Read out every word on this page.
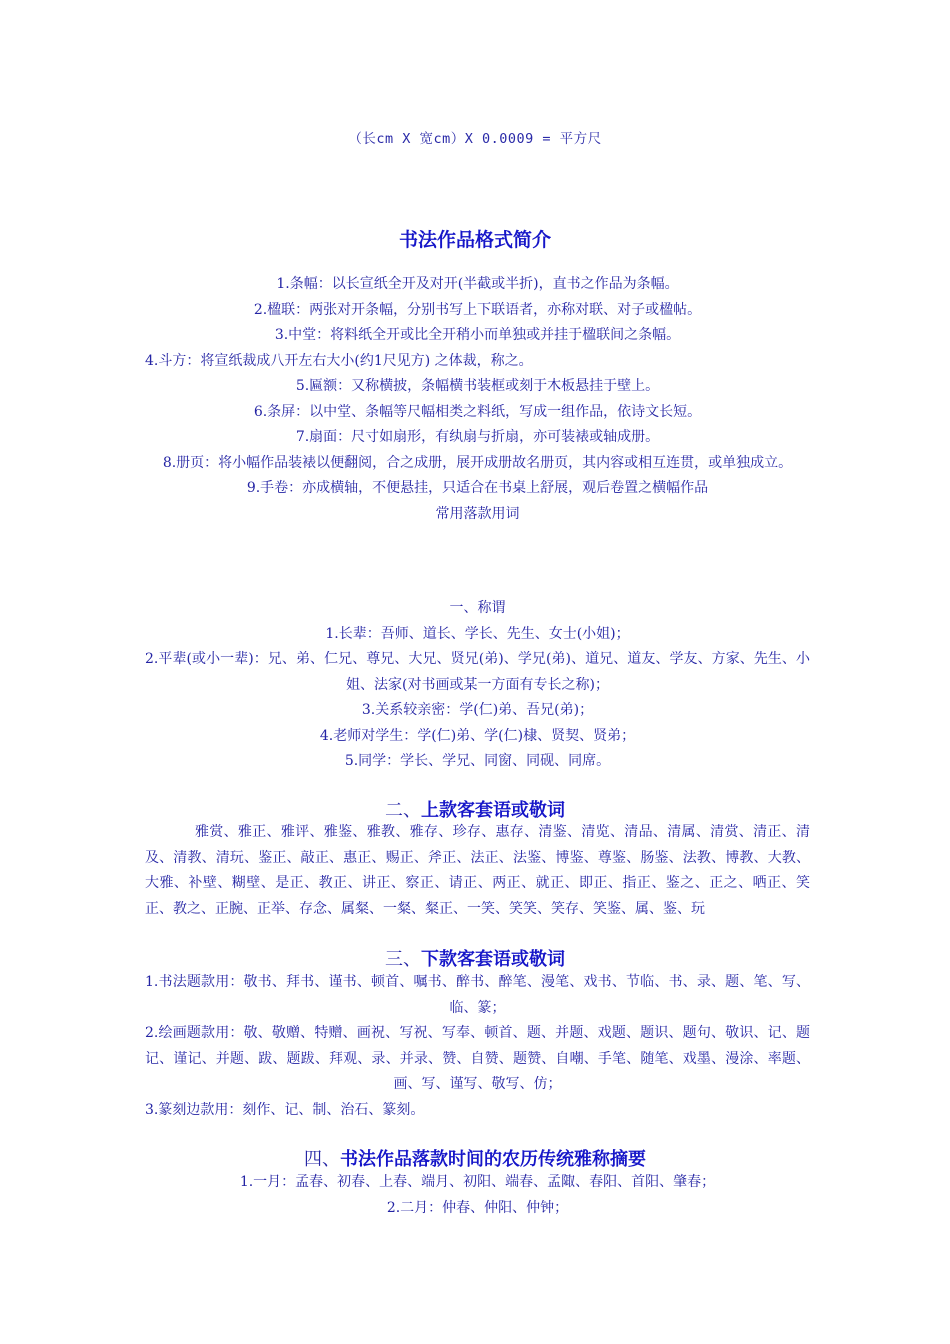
（长cm X 宽cm）X 0.0009 = 平方尺
书法作品格式简介
1.条幅：以长宣纸全开及对开(半截或半折)，直书之作品为条幅。
2.楹联：两张对开条幅，分别书写上下联语者，亦称对联、对子或楹帖。
3.中堂：将料纸全开或比全开稍小而单独或并挂于楹联间之条幅。
4.斗方：将宣纸裁成八开左右大小(约1尺见方) 之体裁，称之。
5.匾额：又称横披，条幅横书装框或刻于木板悬挂于壁上。
6.条屏：以中堂、条幅等尺幅相类之料纸，写成一组作品，依诗文长短。
7.扇面：尺寸如扇形，有纨扇与折扇，亦可装裱或轴成册。
8.册页：将小幅作品装裱以便翻阅，合之成册，展开成册故名册页，其内容或相互连贯，或单独成立。
9.手卷：亦成横轴，不便悬挂，只适合在书桌上舒展，观后卷置之横幅作品
常用落款用词
一、称谓
1.长辈：吾师、道长、学长、先生、女士(小姐)；
2.平辈(或小一辈)：兄、弟、仁兄、尊兄、大兄、贤兄(弟)、学兄(弟)、道兄、道友、学友、方家、先生、小姐、法家(对书画或某一方面有专长之称)；
3.关系较亲密：学(仁)弟、吾兄(弟)；
4.老师对学生：学(仁)弟、学(仁)棣、贤契、贤弟；
5.同学：学长、学兄、同窗、同砚、同席。
二、上款客套语或敬词
雅赏、雅正、雅评、雅鉴、雅教、雅存、珍存、惠存、清鉴、清览、清品、清属、清赏、清正、清及、清教、清玩、鉴正、敲正、惠正、赐正、斧正、法正、法鉴、博鉴、尊鉴、肠鉴、法教、博教、大教、大雅、补壁、糊壁、是正、教正、讲正、察正、请正、两正、就正、即正、指正、鉴之、正之、哂正、笑正、教之、正腕、正举、存念、属粲、一粲、粲正、一笑、笑笑、笑存、笑鉴、属、鉴、玩
三、下款客套语或敬词
1.书法题款用：敬书、拜书、谨书、顿首、嘱书、醉书、醉笔、漫笔、戏书、节临、书、录、题、笔、写、临、篆；
2.绘画题款用：敬、敬赠、特赠、画祝、写祝、写奉、顿首、题、并题、戏题、题识、题句、敬识、记、题记、谨记、并题、跋、题跋、拜观、录、并录、赞、自赞、题赞、自嘲、手笔、随笔、戏墨、漫涂、率题、画、写、谨写、敬写、仿；
3.篆刻边款用：刻作、记、制、治石、篆刻。
四、书法作品落款时间的农历传统雅称摘要
1.一月：孟春、初春、上春、端月、初阳、端春、孟陬、春阳、首阳、肇春；
2.二月：仲春、仲阳、仲钟；
